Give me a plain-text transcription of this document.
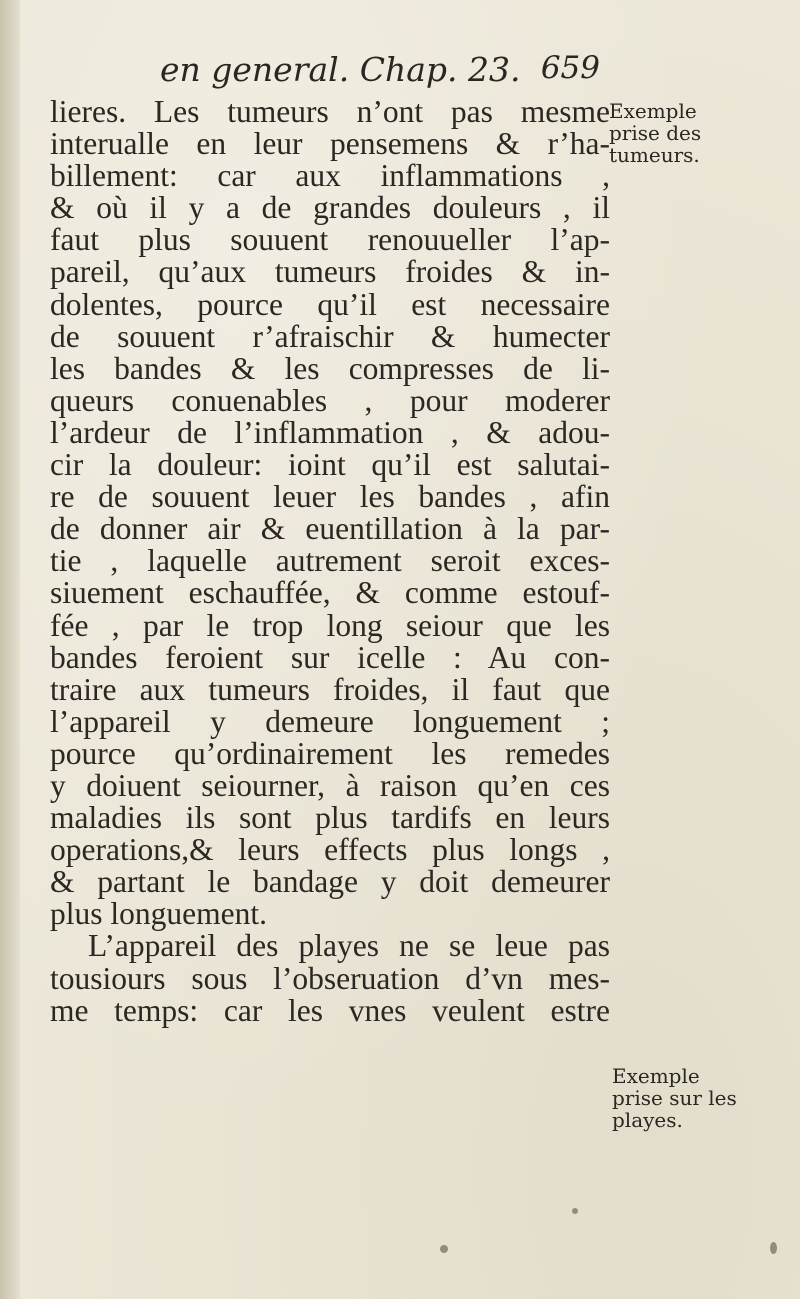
en general. Chap. 23. 659
lieres. Les tumeurs n’ont pas mesme
interualle en leur pensemens & r’ha-
billement: car aux inflammations ,
& où il y a de grandes douleurs , il
faut plus souuent renouueller l’ap-
pareil, qu’aux tumeurs froides & in-
dolentes, pource qu’il est necessaire
de souuent r’afraischir & humecter
les bandes & les compresses de li-
queurs conuenables , pour moderer
l’ardeur de l’inflammation , & adou-
cir la douleur: ioint qu’il est salutai-
re de souuent leuer les bandes , afin
de donner air & euentillation à la par-
tie , laquelle autrement seroit exces-
siuement eschauffée, & comme estouf-
fée , par le trop long seiour que les
bandes feroient sur icelle : Au con-
traire aux tumeurs froides, il faut que
l’appareil y demeure longuement ;
pource qu’ordinairement les remedes
y doiuent seiourner, à raison qu’en ces
maladies ils sont plus tardifs en leurs
operations,& leurs effects plus longs ,
& partant le bandage y doit demeurer
plus longuement.
L’appareil des playes ne se leue pas
tousiours sous l’obseruation d’vn mes-
me temps: car les vnes veulent estre
Exemple
prise des
tumeurs.
Exemple
prise sur les
playes.
